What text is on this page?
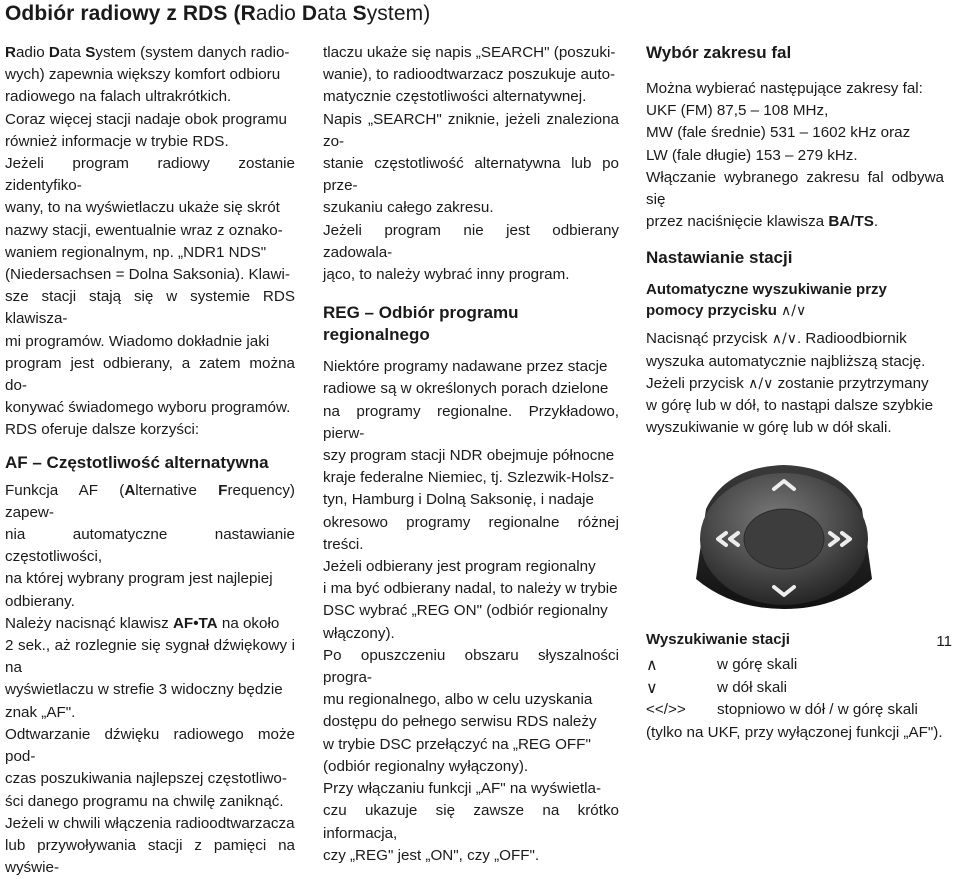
Odbiór radiowy z RDS (Radio Data System)

Radio Data System (system danych radio-

wych) zapewnia większy komfort odbioru

radiowego na falach ultrakrótkich.

Coraz więcej stacji nadaje obok programu

również informacje w trybie RDS.

Jeżeli program radiowy zostanie zidentyfiko-

wany, to na wyświetlaczu ukaże się skrót

nazwy stacji, ewentualnie wraz z oznako-

waniem regionalnym, np. „NDR1 NDS"

(Niedersachsen = Dolna Saksonia). Klawi-

sze stacji stają się w systemie RDS klawisza-

mi programów. Wiadomo dokładnie jaki

program jest odbierany, a zatem można do-

konywać świadomego wyboru programów.

RDS oferuje dalsze korzyści:

AF – Częstotliwość alternatywna

Funkcja AF (Alternative Frequency) zapew-

nia automatyczne nastawianie częstotliwości,

na której wybrany program jest najlepiej

odbierany.

Należy nacisnąć klawisz AF•TA na około

2 sek., aż rozlegnie się sygnał dźwiękowy i na

wyświetlaczu w strefie 3 widoczny będzie

znak „AF".

Odtwarzanie dźwięku radiowego może pod-

czas poszukiwania najlepszej częstotliwo-

ści danego programu na chwilę zaniknąć.

Jeżeli w chwili włączenia radioodtwarzacza

lub przywoływania stacji z pamięci na wyświe-

tlaczu ukaże się napis „SEARCH" (poszuki-

wanie), to radioodtwarzacz poszukuje auto-

matycznie częstotliwości alternatywnej.

Napis „SEARCH" zniknie, jeżeli znaleziona zo-

stanie częstotliwość alternatywna lub po prze-

szukaniu całego zakresu.

Jeżeli program nie jest odbierany zadowala-

jąco, to należy wybrać inny program.

REG – Odbiór programu regionalnego

Niektóre programy nadawane przez stacje

radiowe są w określonych porach dzielone

na programy regionalne. Przykładowo, pierw-

szy program stacji NDR obejmuje północne

kraje federalne Niemiec, tj. Szlezwik-Holsz-

tyn, Hamburg i Dolną Saksonię, i nadaje

okresowo programy regionalne różnej treści.

Jeżeli odbierany jest program regionalny

i ma być odbierany nadal, to należy w trybie

DSC wybrać „REG ON" (odbiór regionalny

włączony).

Po opuszczeniu obszaru słyszalności progra-

mu regionalnego, albo w celu uzyskania

dostępu do pełnego serwisu RDS należy

w trybie DSC przełączyć na „REG OFF"

(odbiór regionalny wyłączony).

Przy włączaniu funkcji „AF" na wyświetla-

czu ukazuje się zawsze na krótko informacja,

czy „REG" jest „ON", czy „OFF".

Wybór zakresu fal

Można wybierać następujące zakresy fal:

UKF (FM) 87,5 – 108 MHz,

MW (fale średnie) 531 – 1602 kHz oraz

LW (fale długie) 153 – 279 kHz.

Włączanie wybranego zakresu fal odbywa się

przez naciśnięcie klawisza BA/TS.

Nastawianie stacji
Automatyczne wyszukiwanie przy
pomocy przycisku ∧/∨

Nacisnąć przycisk ∧/∨. Radioodbiornik

wyszuka automatycznie najbliższą stację.

Jeżeli przycisk ∧/∨ zostanie przytrzymany

w górę lub w dół, to nastąpi dalsze szybkie

wyszukiwanie w górę lub w dół skali.

Wyszukiwanie stacji
∧	w górę skali
∨	w dół skali
<</>>	stopniowo w dół / w górę skali

(tylko na UKF, przy wyłączonej funkcji „AF").

11
